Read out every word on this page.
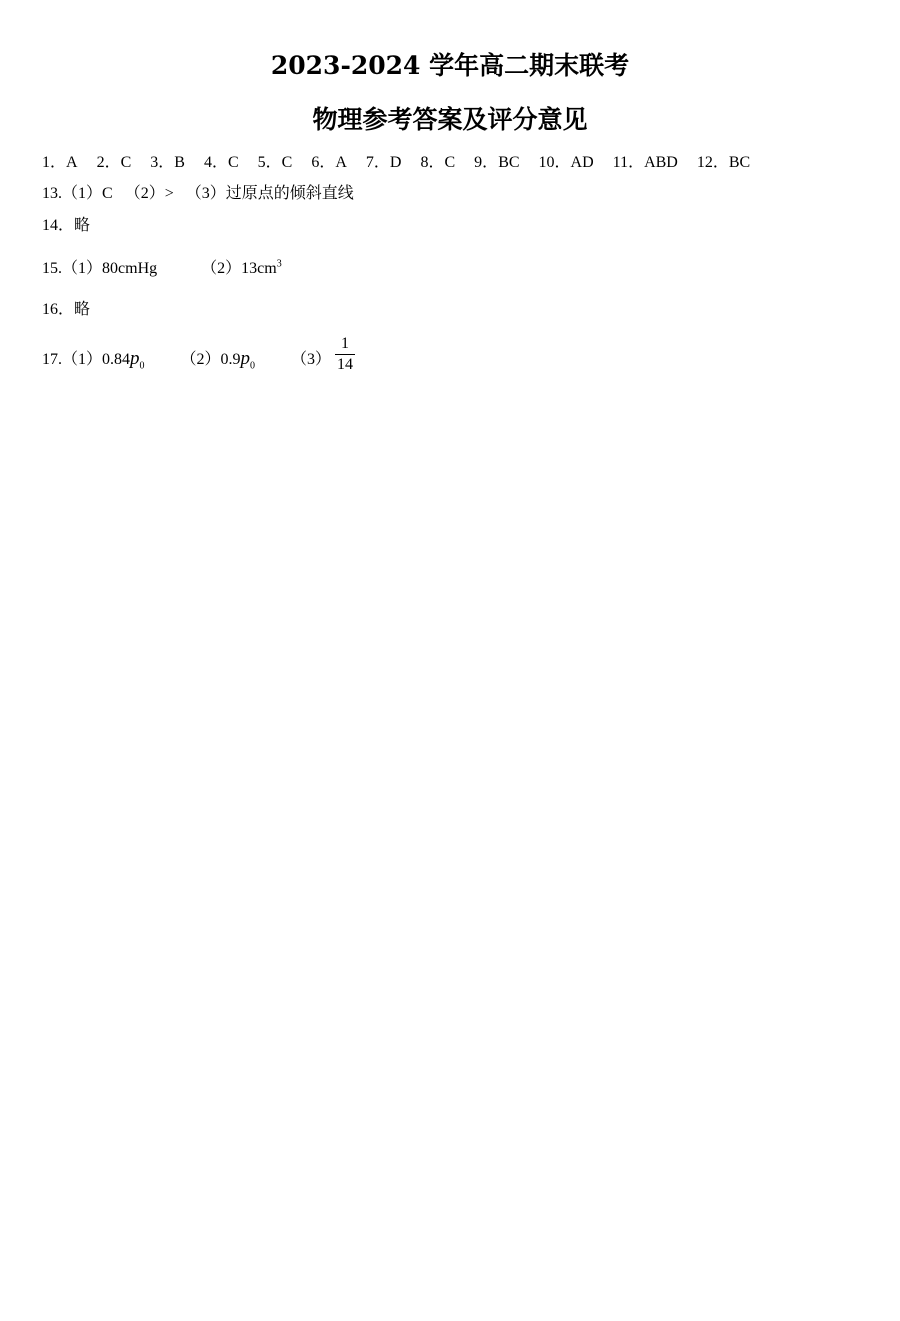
2023-2024 学年高二期末联考
物理参考答案及评分意见
1．A 2．C 3．B 4．C 5．C 6．A 7．D 8．C 9．BC 10．AD 11．ABD 12．BC
13.（1）C （2）> （3）过原点的倾斜直线
14．略
15.（1）80cmHg	$(2)13cm^3$
16．略
$17.(1)0.84p_0$ $(2)0.9p_0$ $(3) \frac{1}{14}$
